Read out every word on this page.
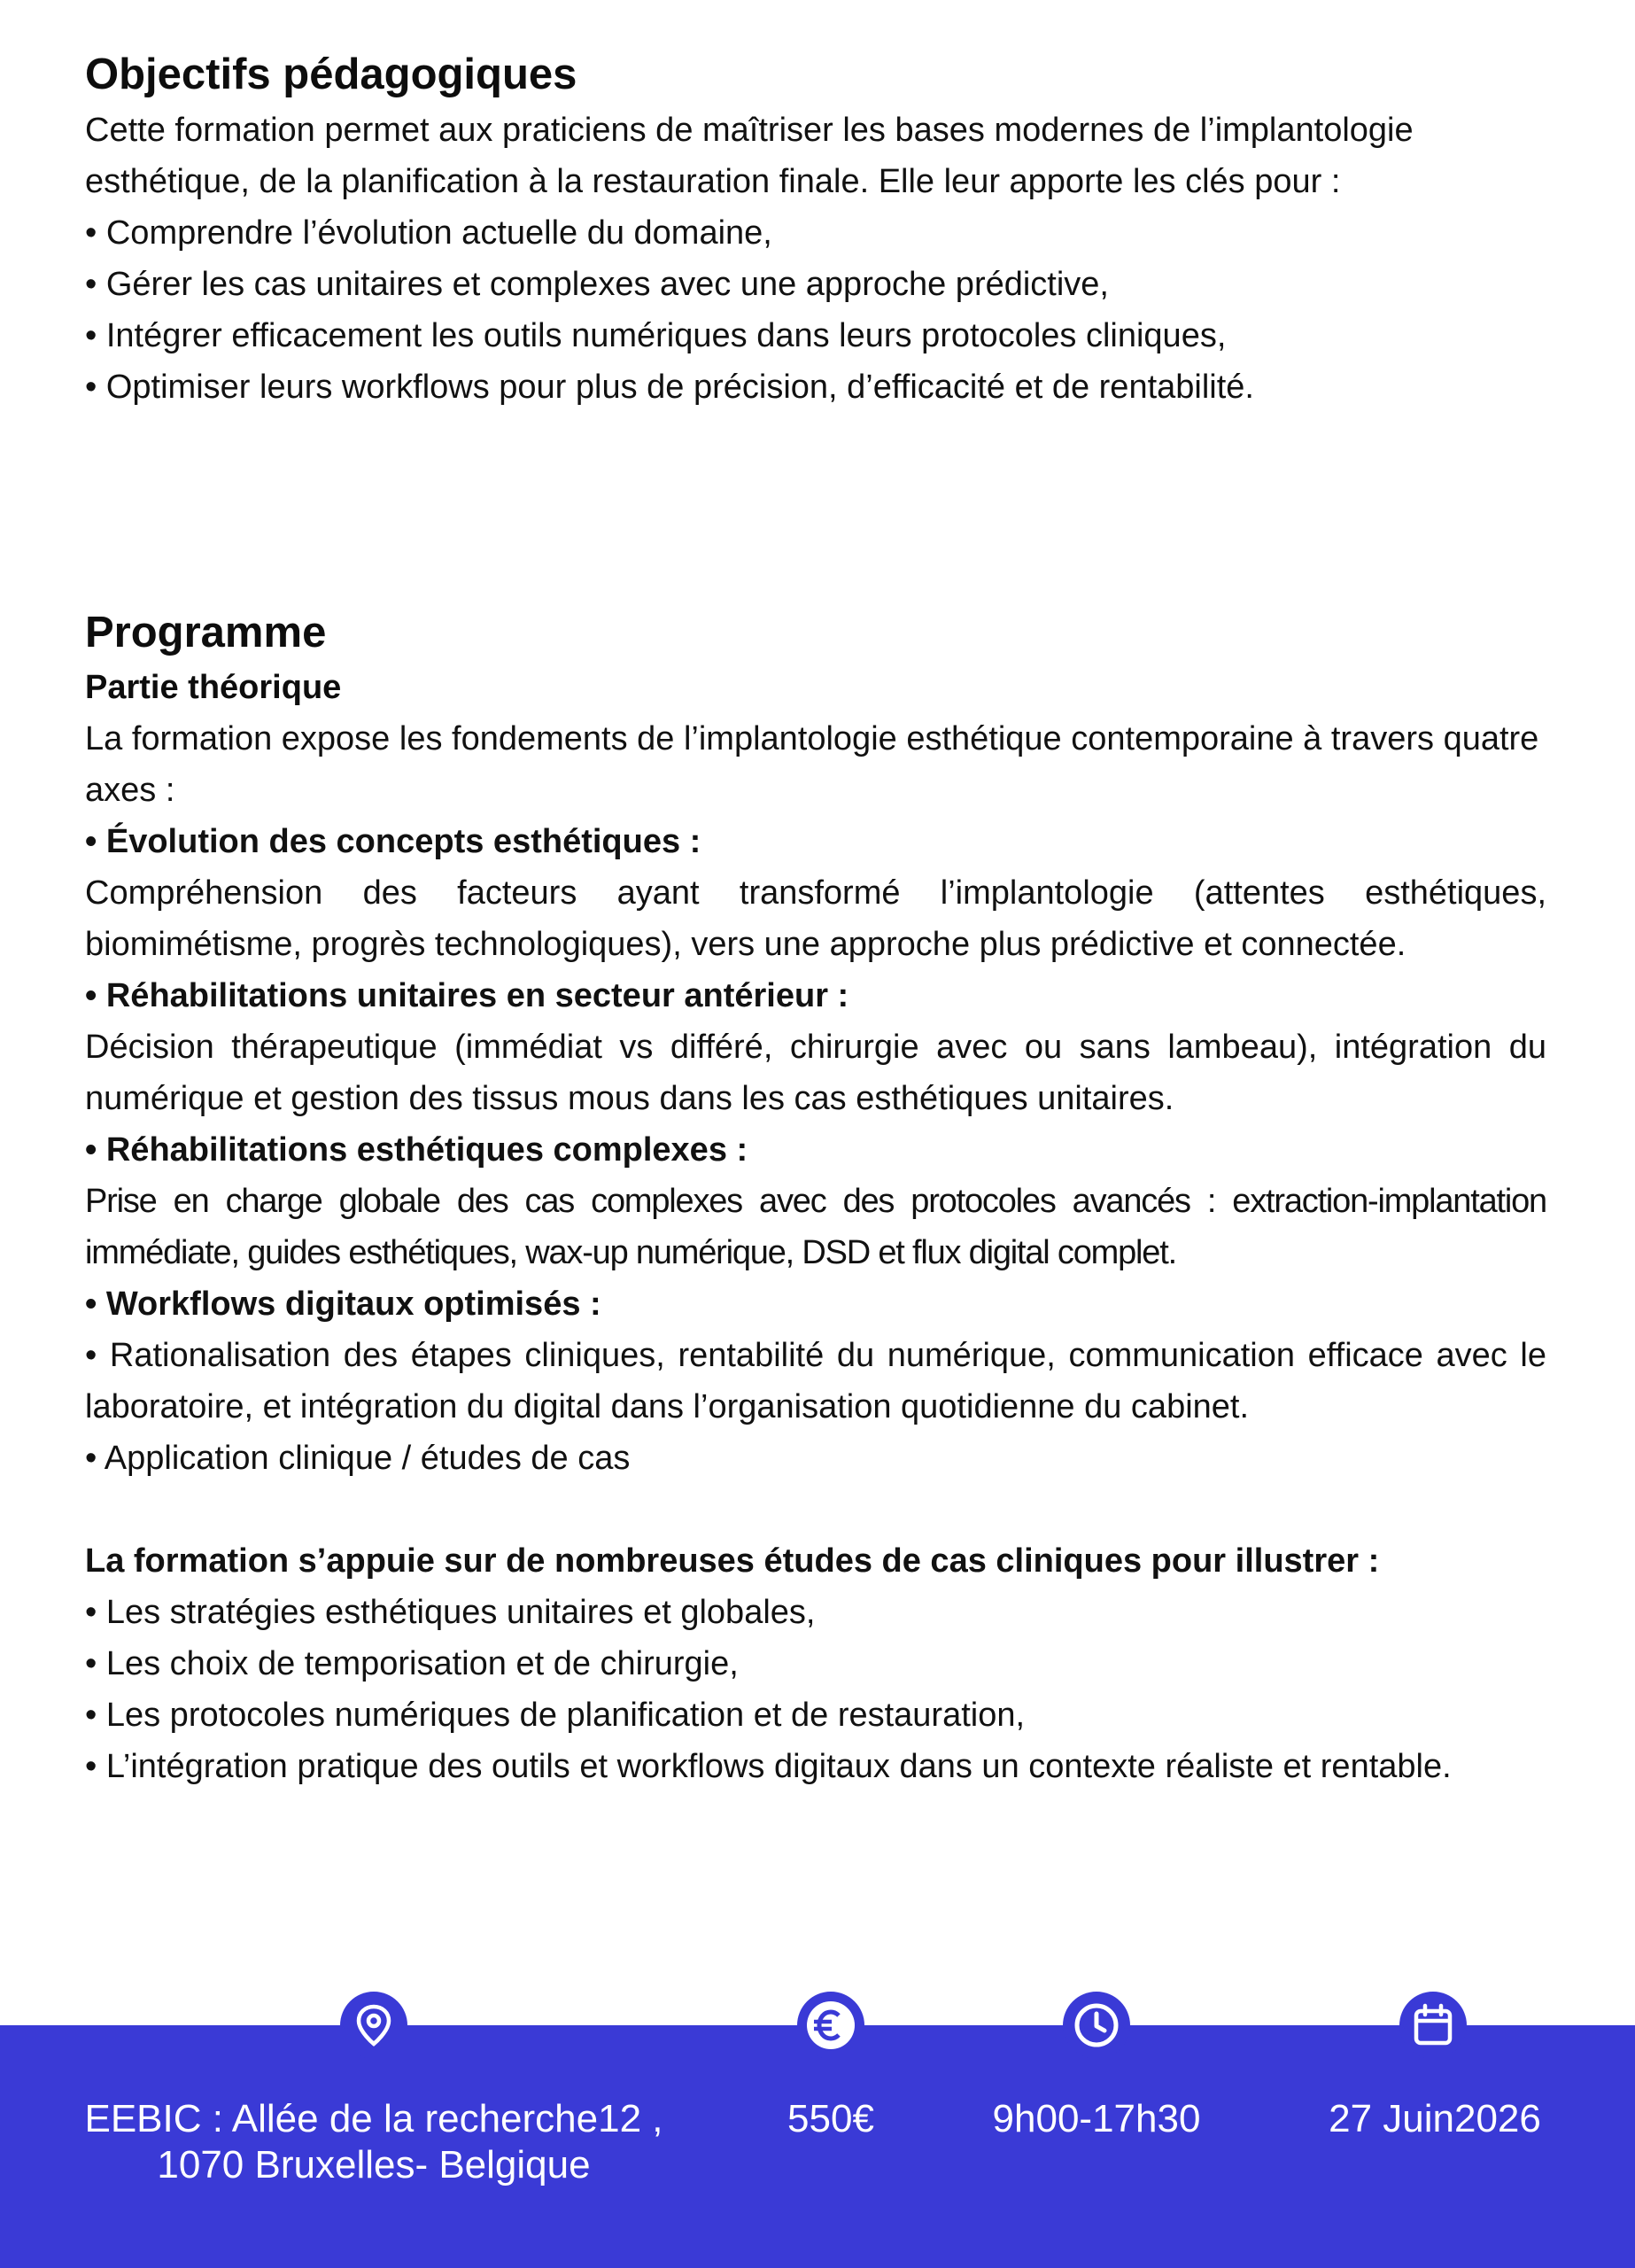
Objectifs pédagogiques

Cette formation permet aux praticiens de maîtriser les bases modernes de l’implantologie esthétique, de la planification à la restauration finale. Elle leur apporte les clés pour :

• Comprendre l’évolution actuelle du domaine,
• Gérer les cas unitaires et complexes avec une approche prédictive,
• Intégrer efficacement les outils numériques dans leurs protocoles cliniques,
• Optimiser leurs workflows pour plus de précision, d’efficacité et de rentabilité.
Programme
Partie théorique

La formation expose les fondements de l’implantologie esthétique contemporaine à travers quatre axes :

• Évolution des concepts esthétiques :

Compréhension des facteurs ayant transformé l’implantologie (attentes esthétiques, biomimétisme, progrès technologiques), vers une approche plus prédictive et connectée.

• Réhabilitations unitaires en secteur antérieur :

Décision thérapeutique (immédiat vs différé, chirurgie avec ou sans lambeau), intégration du numérique et gestion des tissus mous dans les cas esthétiques unitaires.

• Réhabilitations esthétiques complexes :

Prise en charge globale des cas complexes avec des protocoles avancés : extraction-implantation immédiate, guides esthétiques, wax-up numérique, DSD et flux digital complet.

• Workflows digitaux optimisés :

• Rationalisation des étapes cliniques, rentabilité du numérique, communication efficace avec le laboratoire, et intégration du digital dans l’organisation quotidienne du cabinet.

• Application clinique / études de cas
La formation s’appuie sur de nombreuses études de cas cliniques pour illustrer :
• Les stratégies esthétiques unitaires et globales,
• Les choix de temporisation et de chirurgie,
• Les protocoles numériques de planification et de restauration,

• L’intégration pratique des outils et workflows digitaux dans un contexte réaliste et rentable.

EEBIC : Allée de la recherche12 ,
1070 Bruxelles- Belgique
550€	9h00-17h30	27 Juin2026
